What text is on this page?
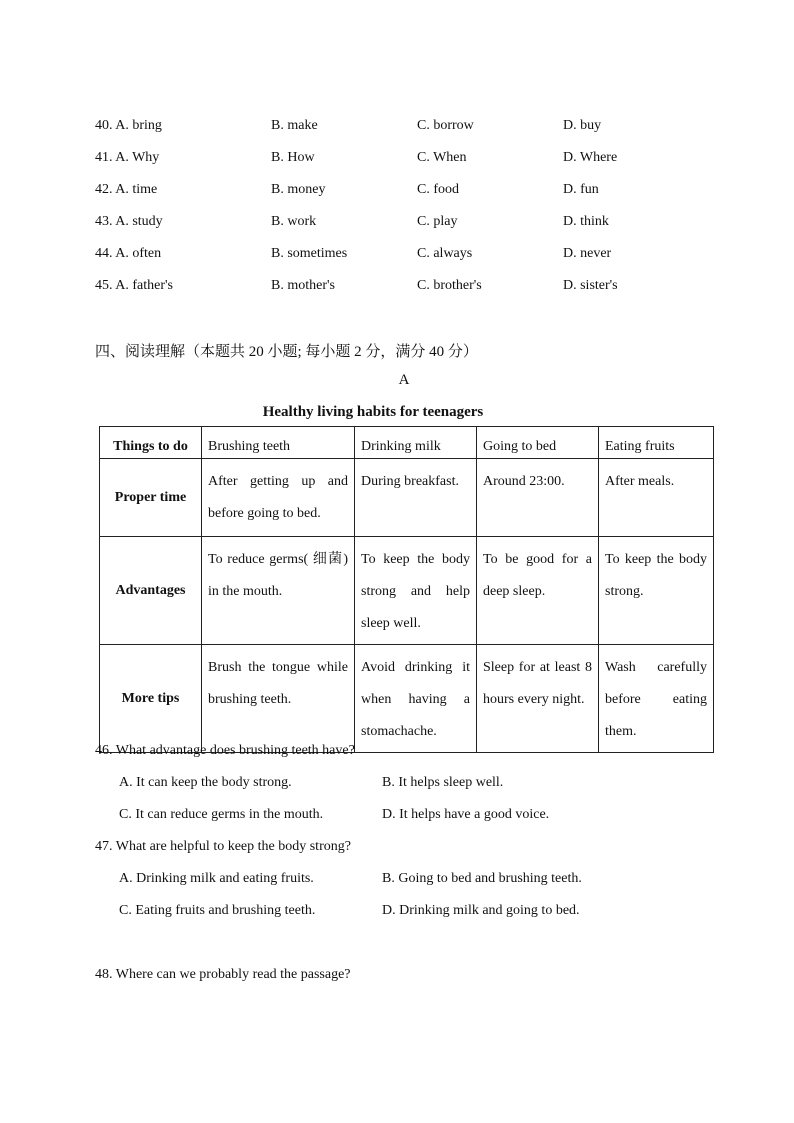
40. A. bring	B. make	C. borrow	D. buy
41. A. Why	B. How	C. When	D. Where
42. A. time	B. money	C. food	D. fun
43. A. study	B. work	C. play	D. think
44. A. often	B. sometimes	C. always	D. never
45. A. father's	B. mother's	C. brother's	D. sister's
四、阅读理解（本题共 20 小题; 每小题 2 分，满分 40 分）
A
Healthy living habits for teenagers
Things to do	Brushing teeth	Drinking milk	Going to bed	Eating fruits
Proper time	After getting up and before going to bed.	During breakfast.	Around 23:00.	After meals.
Advantages	To reduce germs( 细菌) in the mouth.	To keep the body strong and help sleep well.	To be good for a deep sleep.	To keep the body strong.
More tips	Brush the tongue while brushing teeth.	Avoid drinking it when having a stomachache.	Sleep for at least 8 hours every night.	Wash carefully before eating them.
46. What advantage does brushing teeth have?
A. It can keep the body strong.	B. It helps sleep well.
C. It can reduce germs in the mouth.	D. It helps have a good voice.
47. What are helpful to keep the body strong?
A. Drinking milk and eating fruits.	B. Going to bed and brushing teeth.
C. Eating fruits and brushing teeth.	D. Drinking milk and going to bed.
48. Where can we probably read the passage?
